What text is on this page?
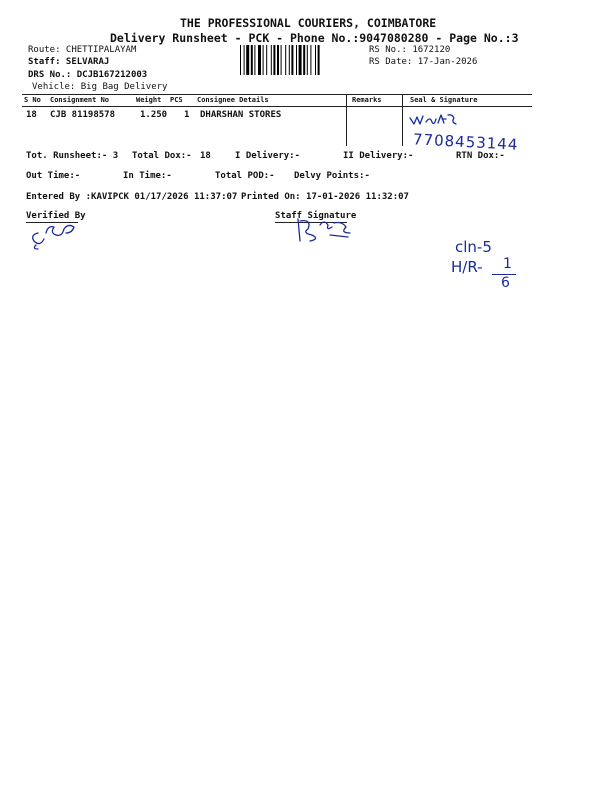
THE PROFESSIONAL COURIERS, COIMBATORE
Delivery Runsheet - PCK - Phone No.:9047080280 - Page No.:3
Route: CHETTIPALAYAM
Staff: SELVARAJ
DRS No.: DCJB167212003
Vehicle: Big Bag Delivery
RS No.: 1672120
RS Date: 17-Jan-2026
S No Consignment No	Weight PCS Consignee Details	Remarks	Seal & Signature
18 CJB 81198578	1.250 1 DHARSHAN STORES
7708453144
Tot. Runsheet:- 3 Total Dox:- 18	I Delivery:-	II Delivery:-	RTN Dox:-
Out Time:-	In Time:-	Total POD:- Delvy Points:-
Entered By :KAVIPCK 01/17/2026 11:37:07 Printed On: 17-01-2026 11:32:07
Verified By	Staff Signature
cln-5
H/R- 1
6
